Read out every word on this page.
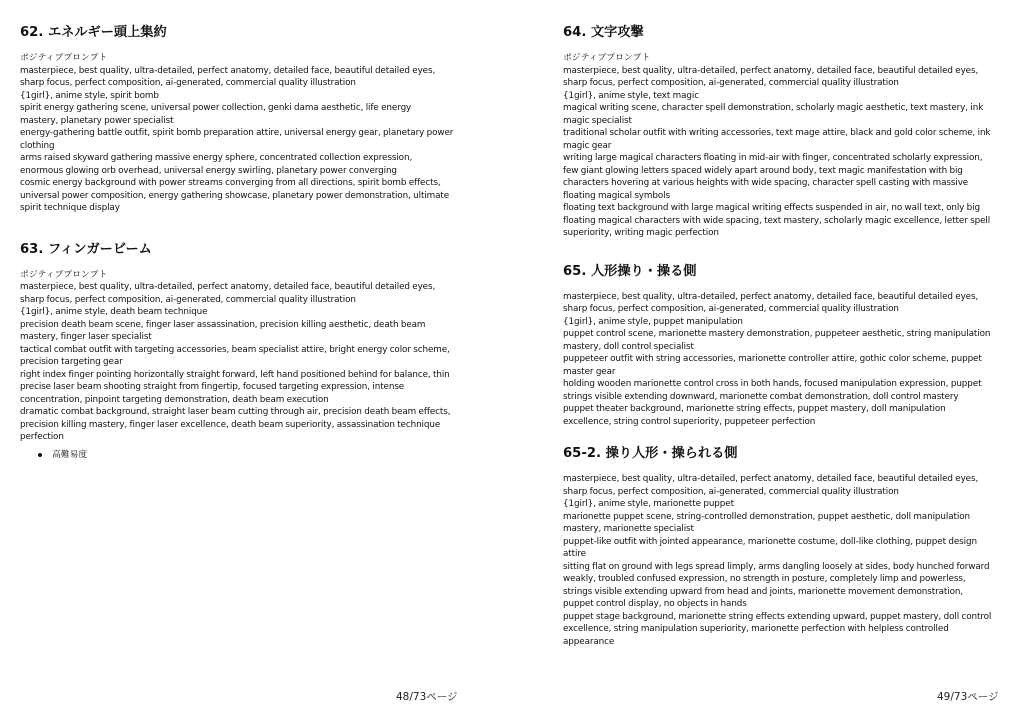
62. エネルギー頭上集約
ポジティブプロンプト
masterpiece, best quality, ultra-detailed, perfect anatomy, detailed face, beautiful detailed eyes,
sharp focus, perfect composition, ai-generated, commercial quality illustration
{1girl}, anime style, spirit bomb
spirit energy gathering scene, universal power collection, genki dama aesthetic, life energy
mastery, planetary power specialist
energy-gathering battle outfit, spirit bomb preparation attire, universal energy gear, planetary power
clothing
arms raised skyward gathering massive energy sphere, concentrated collection expression,
enormous glowing orb overhead, universal energy swirling, planetary power converging
cosmic energy background with power streams converging from all directions, spirit bomb effects,
universal power composition, energy gathering showcase, planetary power demonstration, ultimate
spirit technique display
63. フィンガービーム
ポジティブプロンプト
masterpiece, best quality, ultra-detailed, perfect anatomy, detailed face, beautiful detailed eyes,
sharp focus, perfect composition, ai-generated, commercial quality illustration
{1girl}, anime style, death beam technique
precision death beam scene, finger laser assassination, precision killing aesthetic, death beam
mastery, finger laser specialist
tactical combat outfit with targeting accessories, beam specialist attire, bright energy color scheme,
precision targeting gear
right index finger pointing horizontally straight forward, left hand positioned behind for balance, thin
precise laser beam shooting straight from fingertip, focused targeting expression, intense
concentration, pinpoint targeting demonstration, death beam execution
dramatic combat background, straight laser beam cutting through air, precision death beam effects,
precision killing mastery, finger laser excellence, death beam superiority, assassination technique
perfection
高難易度
48/73ページ
64. 文字攻撃
ポジティブプロンプト
masterpiece, best quality, ultra-detailed, perfect anatomy, detailed face, beautiful detailed eyes,
sharp focus, perfect composition, ai-generated, commercial quality illustration
{1girl}, anime style, text magic
magical writing scene, character spell demonstration, scholarly magic aesthetic, text mastery, ink
magic specialist
traditional scholar outfit with writing accessories, text mage attire, black and gold color scheme, ink
magic gear
writing large magical characters floating in mid-air with finger, concentrated scholarly expression,
few giant glowing letters spaced widely apart around body, text magic manifestation with big
characters hovering at various heights with wide spacing, character spell casting with massive
floating magical symbols
floating text background with large magical writing effects suspended in air, no wall text, only big
floating magical characters with wide spacing, text mastery, scholarly magic excellence, letter spell
superiority, writing magic perfection
65. 人形操り・操る側
masterpiece, best quality, ultra-detailed, perfect anatomy, detailed face, beautiful detailed eyes,
sharp focus, perfect composition, ai-generated, commercial quality illustration
{1girl}, anime style, puppet manipulation
puppet control scene, marionette mastery demonstration, puppeteer aesthetic, string manipulation
mastery, doll control specialist
puppeteer outfit with string accessories, marionette controller attire, gothic color scheme, puppet
master gear
holding wooden marionette control cross in both hands, focused manipulation expression, puppet
strings visible extending downward, marionette combat demonstration, doll control mastery
puppet theater background, marionette string effects, puppet mastery, doll manipulation
excellence, string control superiority, puppeteer perfection
65-2. 操り人形・操られる側
masterpiece, best quality, ultra-detailed, perfect anatomy, detailed face, beautiful detailed eyes,
sharp focus, perfect composition, ai-generated, commercial quality illustration
{1girl}, anime style, marionette puppet
marionette puppet scene, string-controlled demonstration, puppet aesthetic, doll manipulation
mastery, marionette specialist
puppet-like outfit with jointed appearance, marionette costume, doll-like clothing, puppet design
attire
sitting flat on ground with legs spread limply, arms dangling loosely at sides, body hunched forward
weakly, troubled confused expression, no strength in posture, completely limp and powerless,
strings visible extending upward from head and joints, marionette movement demonstration,
puppet control display, no objects in hands
puppet stage background, marionette string effects extending upward, puppet mastery, doll control
excellence, string manipulation superiority, marionette perfection with helpless controlled
appearance
49/73ページ
